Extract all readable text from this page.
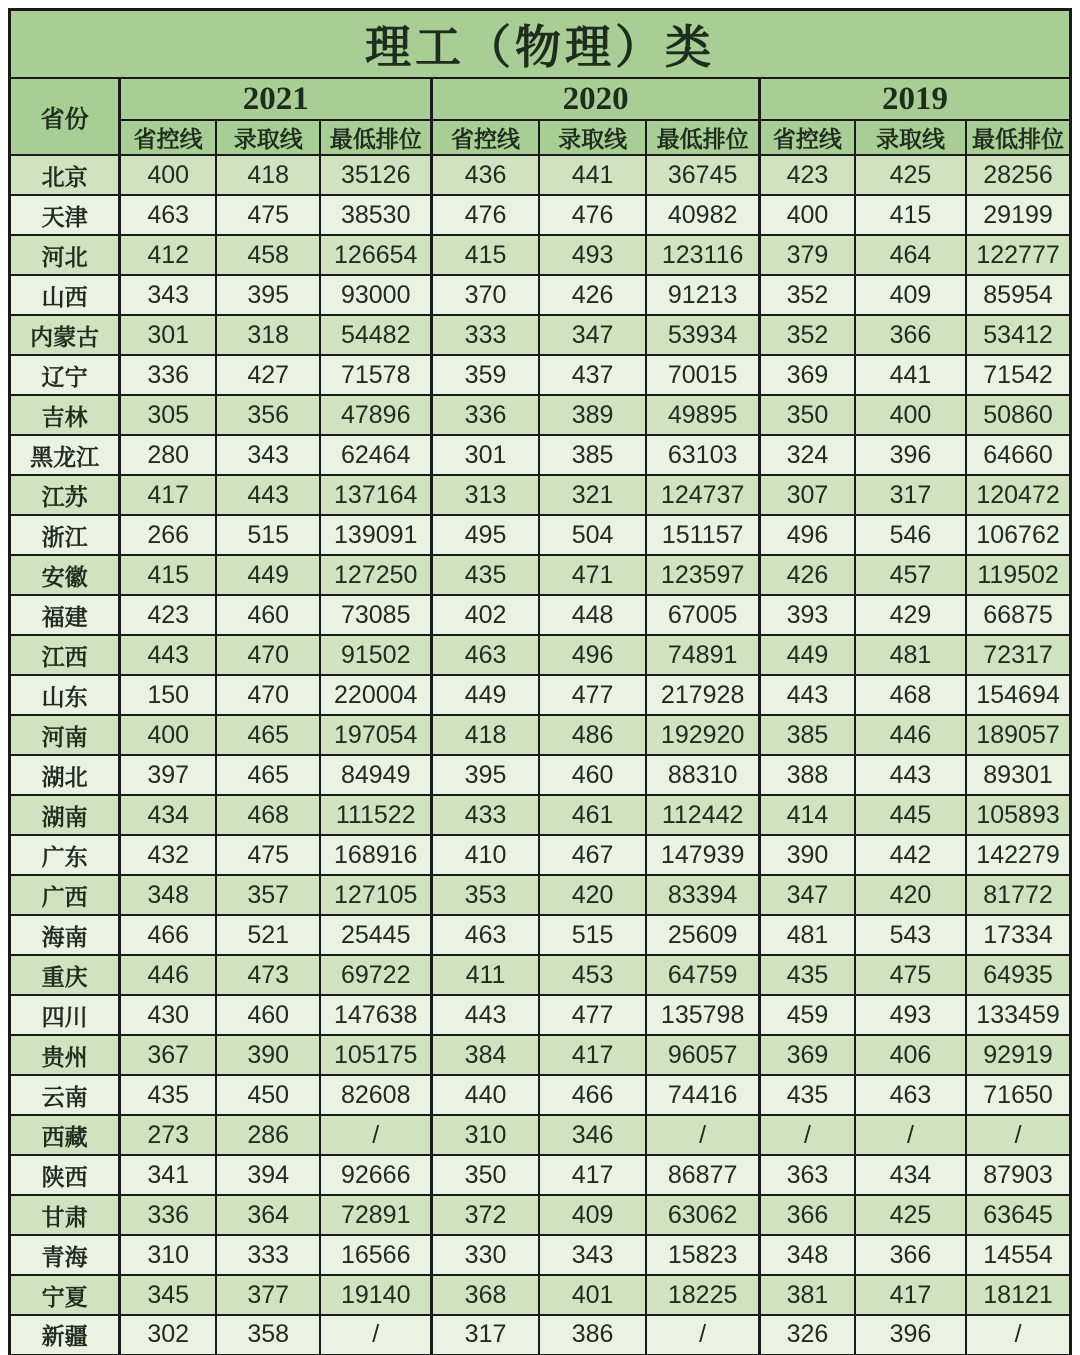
理工（物理）类									
省份	2021			2020			2019		
	省控线	录取线	最低排位	省控线	录取线	最低排位	省控线	录取线	最低排位
北京	400	418	35126	436	441	36745	423	425	28256
天津	463	475	38530	476	476	40982	400	415	29199
河北	412	458	126654	415	493	123116	379	464	122777
山西	343	395	93000	370	426	91213	352	409	85954
内蒙古	301	318	54482	333	347	53934	352	366	53412
辽宁	336	427	71578	359	437	70015	369	441	71542
吉林	305	356	47896	336	389	49895	350	400	50860
黑龙江	280	343	62464	301	385	63103	324	396	64660
江苏	417	443	137164	313	321	124737	307	317	120472
浙江	266	515	139091	495	504	151157	496	546	106762
安徽	415	449	127250	435	471	123597	426	457	119502
福建	423	460	73085	402	448	67005	393	429	66875
江西	443	470	91502	463	496	74891	449	481	72317
山东	150	470	220004	449	477	217928	443	468	154694
河南	400	465	197054	418	486	192920	385	446	189057
湖北	397	465	84949	395	460	88310	388	443	89301
湖南	434	468	111522	433	461	112442	414	445	105893
广东	432	475	168916	410	467	147939	390	442	142279
广西	348	357	127105	353	420	83394	347	420	81772
海南	466	521	25445	463	515	25609	481	543	17334
重庆	446	473	69722	411	453	64759	435	475	64935
四川	430	460	147638	443	477	135798	459	493	133459
贵州	367	390	105175	384	417	96057	369	406	92919
云南	435	450	82608	440	466	74416	435	463	71650
西藏	273	286	/	310	346	/	/	/	/
陕西	341	394	92666	350	417	86877	363	434	87903
甘肃	336	364	72891	372	409	63062	366	425	63645
青海	310	333	16566	330	343	15823	348	366	14554
宁夏	345	377	19140	368	401	18225	381	417	18121
新疆	302	358	/	317	386	/	326	396	/
